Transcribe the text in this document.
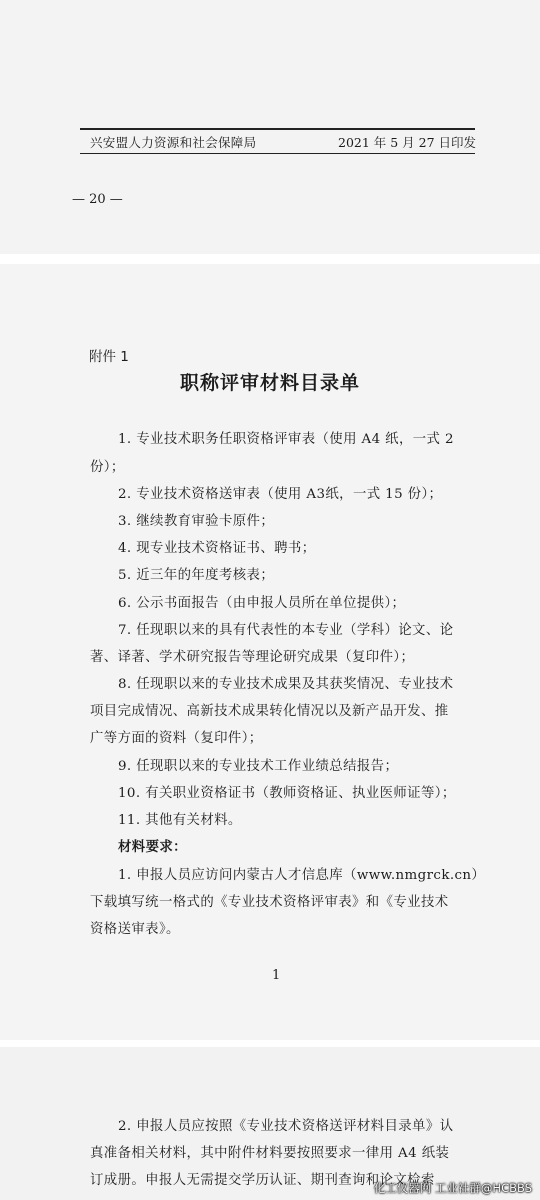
兴安盟人力资源和社会保障局	2021 年 5 月 27 日印发
— 20 —
附件 1
职称评审材料目录单
1. 专业技术职务任职资格评审表（使用 A4 纸，一式 2
份）；
2. 专业技术资格送审表（使用 A3纸，一式 15 份）；
3. 继续教育审验卡原件；
4. 现专业技术资格证书、聘书；
5. 近三年的年度考核表；
6. 公示书面报告（由申报人员所在单位提供）；
7. 任现职以来的具有代表性的本专业（学科）论文、论
著、译著、学术研究报告等理论研究成果（复印件）；
8. 任现职以来的专业技术成果及其获奖情况、专业技术
项目完成情况、高新技术成果转化情况以及新产品开发、推
广等方面的资料（复印件）；
9. 任现职以来的专业技术工作业绩总结报告；
10. 有关职业资格证书（教师资格证、执业医师证等）；
11. 其他有关材料。
材料要求：
1. 申报人员应访问内蒙古人才信息库（www.nmgrck.cn）
下载填写统一格式的《专业技术资格评审表》和《专业技术
资格送审表》。
1
2. 申报人员应按照《专业技术资格送评材料目录单》认
真准备相关材料，其中附件材料要按照要求一律用 A4 纸装
订成册。申报人无需提交学历认证、期刊查询和论文检索
化工仪器网 工业社群@HCBBS
